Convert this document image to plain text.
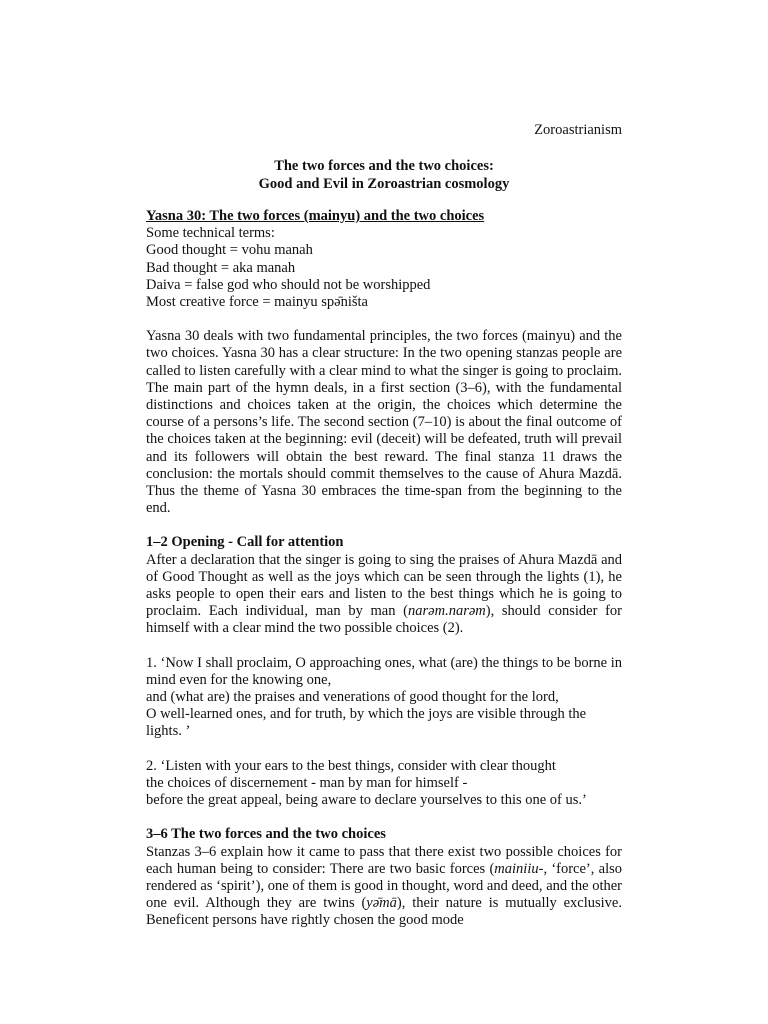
Zoroastrianism
The two forces and the two choices:
Good and Evil in Zoroastrian cosmology

Yasna 30: The two forces (mainyu) and the two choices

Some technical terms:
Good thought = vohu manah
Bad thought = aka manah
Daiva = false god who should not be worshipped
Most creative force = mainyu spə̄ništa

Yasna 30 deals with two fundamental principles, the two forces (mainyu) and the two choices. Yasna 30 has a clear structure: In the two opening stanzas people are called to listen carefully with a clear mind to what the singer is going to proclaim. The main part of the hymn deals, in a first section (3–6), with the fundamental distinctions and choices taken at the origin, the choices which determine the course of a persons’s life. The second section (7–10) is about the final outcome of the choices taken at the beginning: evil (deceit) will be defeated, truth will prevail and its followers will obtain the best reward. The final stanza 11 draws the conclusion: the mortals should commit themselves to the cause of Ahura Mazdā. Thus the theme of Yasna 30 embraces the time-span from the beginning to the end.

1–2 Opening - Call for attention

After a declaration that the singer is going to sing the praises of Ahura Mazdā and of Good Thought as well as the joys which can be seen through the lights (1), he asks people to open their ears and listen to the best things which he is going to proclaim. Each individual, man by man (narəm.narəm), should consider for himself with a clear mind the two possible choices (2).

1. ‘Now I shall proclaim, O approaching ones, what (are) the things to be borne in mind even for the knowing one,
and (what are) the praises and venerations of good thought for the lord,
O well-learned ones, and for truth, by which the joys are visible through the lights. ’
2. ‘Listen with your ears to the best things, consider with clear thought
the choices of discernement - man by man for himself -
before the great appeal, being aware to declare yourselves to this one of us.’

3–6 The two forces and the two choices

Stanzas 3–6 explain how it came to pass that there exist two possible choices for each human being to consider: There are two basic forces (mainiiu-, ‘force’, also rendered as ‘spirit’), one of them is good in thought, word and deed, and the other one evil. Although they are twins (yə̄mā), their nature is mutually exclusive. Beneficent persons have rightly chosen the good mode
